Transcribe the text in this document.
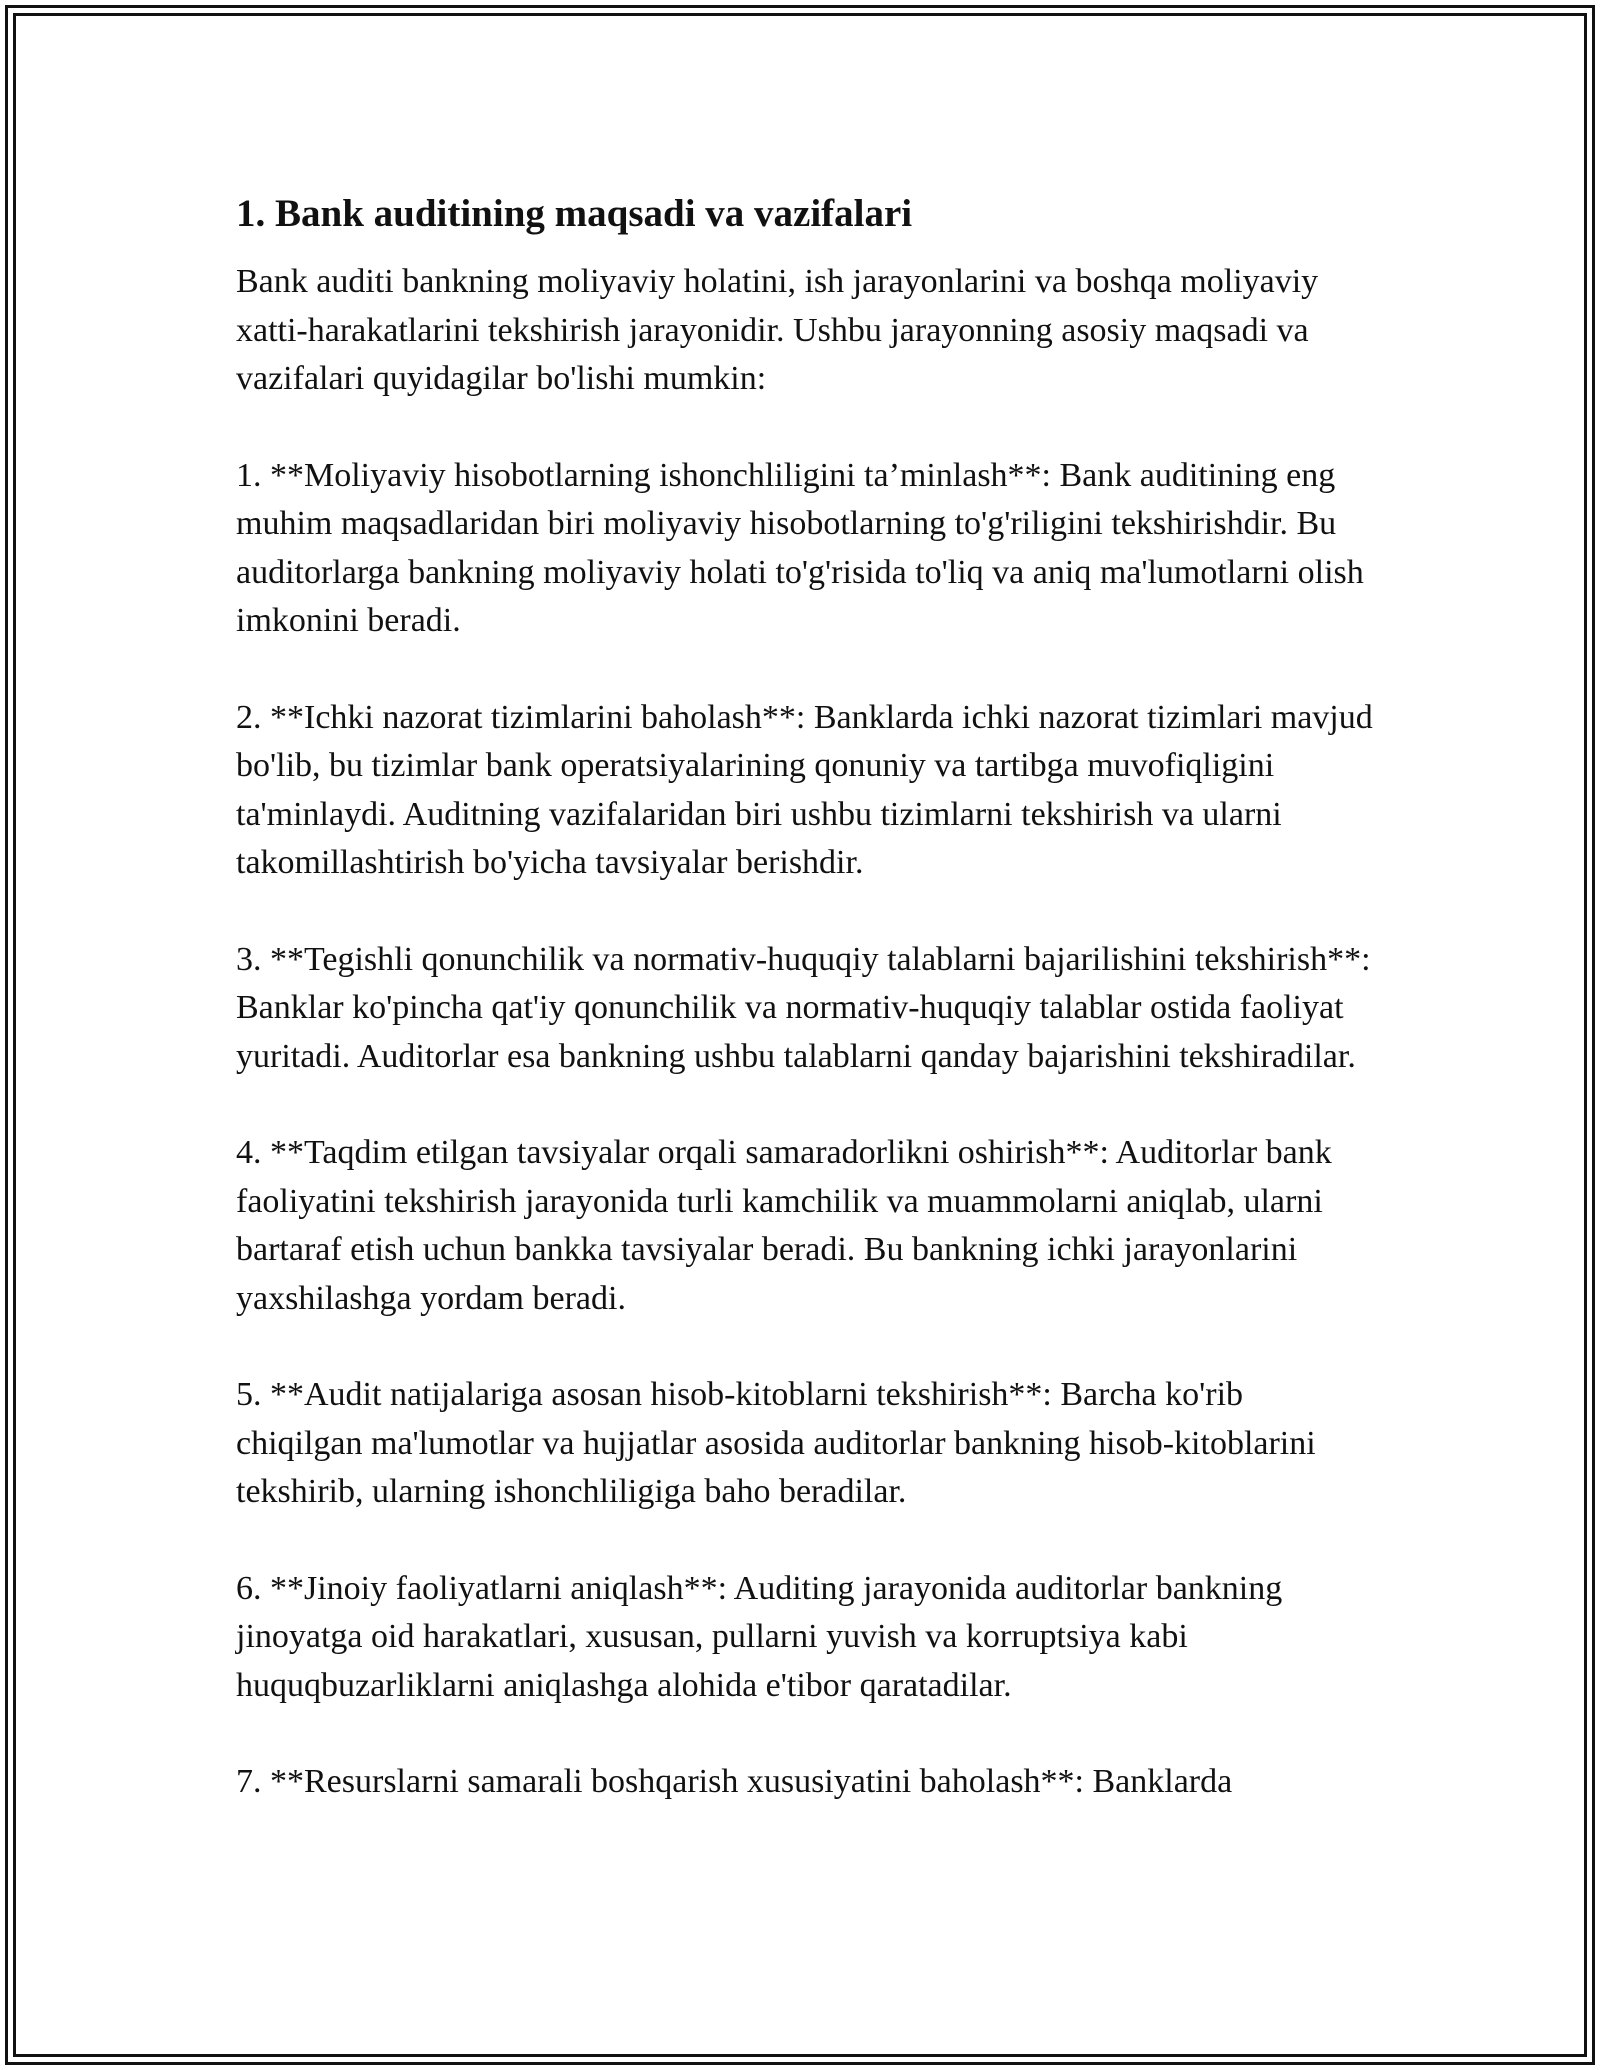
1. Bank auditining maqsadi va vazifalari

Bank auditi bankning moliyaviy holatini, ish jarayonlarini va boshqa moliyaviy xatti-harakatlarini tekshirish jarayonidir. Ushbu jarayonning asosiy maqsadi va vazifalari quyidagilar bo'lishi mumkin:

1. **Moliyaviy hisobotlarning ishonchliligini ta’minlash**: Bank auditining eng muhim maqsadlaridan biri moliyaviy hisobotlarning to'g'riligini tekshirishdir. Bu auditorlarga bankning moliyaviy holati to'g'risida to'liq va aniq ma'lumotlarni olish imkonini beradi.

2. **Ichki nazorat tizimlarini baholash**: Banklarda ichki nazorat tizimlari mavjud bo'lib, bu tizimlar bank operatsiyalarining qonuniy va tartibga muvofiqligini ta'minlaydi. Auditning vazifalaridan biri ushbu tizimlarni tekshirish va ularni takomillashtirish bo'yicha tavsiyalar berishdir.

3. **Tegishli qonunchilik va normativ-huquqiy talablarni bajarilishini tekshirish**: Banklar ko'pincha qat'iy qonunchilik va normativ-huquqiy talablar ostida faoliyat yuritadi. Auditorlar esa bankning ushbu talablarni qanday bajarishini tekshiradilar.

4. **Taqdim etilgan tavsiyalar orqali samaradorlikni oshirish**: Auditorlar bank faoliyatini tekshirish jarayonida turli kamchilik va muammolarni aniqlab, ularni bartaraf etish uchun bankka tavsiyalar beradi. Bu bankning ichki jarayonlarini yaxshilashga yordam beradi.

5. **Audit natijalariga asosan hisob-kitoblarni tekshirish**: Barcha ko'rib chiqilgan ma'lumotlar va hujjatlar asosida auditorlar bankning hisob-kitoblarini tekshirib, ularning ishonchliligiga baho beradilar.

6. **Jinoiy faoliyatlarni aniqlash**: Auditing jarayonida auditorlar bankning jinoyatga oid harakatlari, xususan, pullarni yuvish va korruptsiya kabi huquqbuzarliklarni aniqlashga alohida e'tibor qaratadilar.

7. **Resurslarni samarali boshqarish xususiyatini baholash**: Banklarda
